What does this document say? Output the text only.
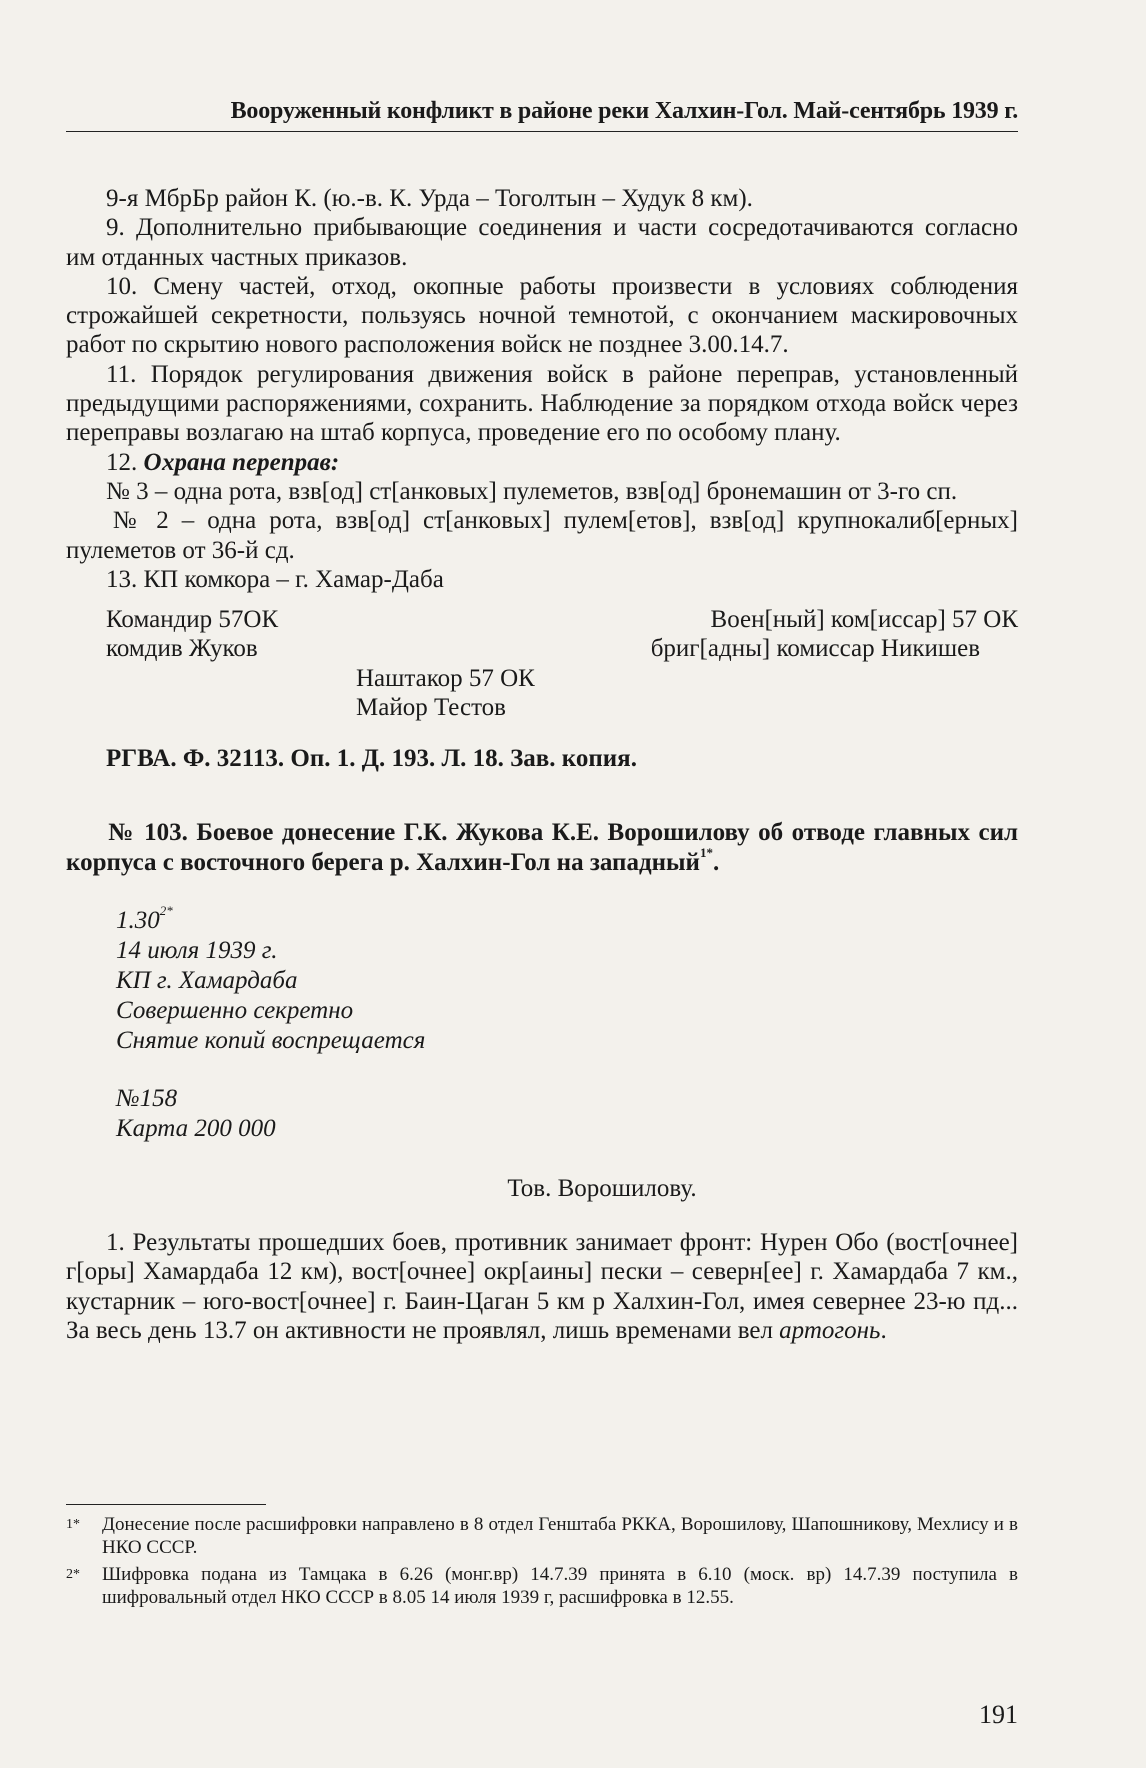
Вооруженный конфликт в районе реки Халхин-Гол. Май-сентябрь 1939 г.

9-я МбрБр район К. (ю.-в. К. Урда – Тоголтын – Худук 8 км).

9. Дополнительно прибывающие соединения и части сосредотачиваются согласно им отданных частных приказов.

10. Смену частей, отход, окопные работы произвести в условиях соблюдения строжайшей секретности, пользуясь ночной темнотой, с окончанием маскировочных работ по скрытию нового расположения войск не позднее 3.00.14.7.

11. Порядок регулирования движения войск в районе переправ, установленный предыдущими распоряжениями, сохранить. Наблюдение за порядком отхода войск через переправы возлагаю на штаб корпуса, проведение его по особому плану.

12. Охрана переправ:

№ 3 – одна рота, взв[од] ст[анковых] пулеметов, взв[од] бронемашин от 3-го сп.

№ 2 – одна рота, взв[од] ст[анковых] пулем[етов], взв[од] крупнокалиб[ерных] пулеметов от 36-й сд.

13. КП комкора – г. Хамар-Даба

Командир 57ОК	Воен[ный] ком[иссар] 57 ОК
комдив Жуков	бриг[адны] комиссар Никишев

Наштакор 57 ОК

Майор Тестов

РГВА. Ф. 32113. Оп. 1. Д. 193. Л. 18. Зав. копия.

№ 103. Боевое донесение Г.К. Жукова К.Е. Ворошилову об отводе главных сил корпуса с восточного берега р. Халхин-Гол на западный$^{1*}$.
$1.30^{2*}$
14 июля 1939 г.
КП г. Хамардаба
Совершенно секретно
Снятие копий воспрещается
№158
Карта 200 000

Тов. Ворошилову.

1. Результаты прошедших боев, противник занимает фронт: Нурен Обо (вост[очнее] г[оры] Хамардаба 12 км), вост[очнее] окр[аины] пески – северн[ее] г. Хамардаба 7 км., кустарник – юго-вост[очнее] г. Баин-Цаган 5 км р Халхин-Гол, имея севернее 23-ю пд... За весь день 13.7 он активности не проявлял, лишь временами вел артогонь.

1*	Донесение после расшифровки направлено в 8 отдел Генштаба РККА, Ворошилову, Шапошникову, Мехлису и в НКО СССР.
2*	Шифровка подана из Тамцака в 6.26 (монг.вр) 14.7.39 принята в 6.10 (моск. вр) 14.7.39 поступила в шифровальный отдел НКО СССР в 8.05 14 июля 1939 г, расшифровка в 12.55.
191
